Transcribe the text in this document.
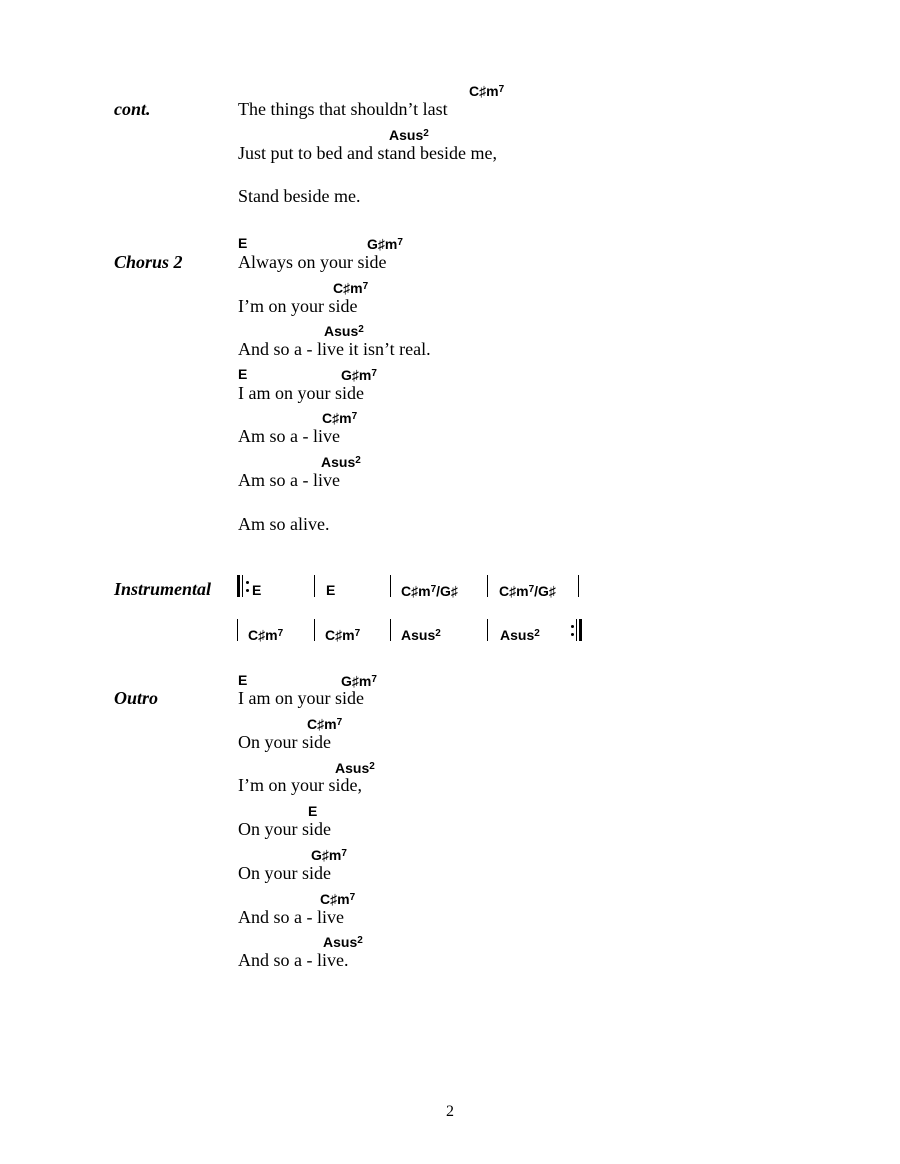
cont.
$C♯m^7$
The things that shouldn’t last
Asus$^2$
Just put to bed and stand beside me,
Stand beside me.
Chorus 2
E	$G♯m^7$
Always on your side
$C♯m^7$
I’m on your side
Asus$^2$
And so a - live it isn’t real.
E	$G♯m^7$
I am on your side
$C♯m^7$
Am so a - live
Asus$^2$
Am so a - live
Am so alive.
Instrumental	E	E	$C♯m^7/G♯$	$C♯m^7/G♯$
$C♯m^7$	$C♯m^7$	Asus$^2$	Asus$^2$
Outro
E	$G♯m^7$
I am on your side
$C♯m^7$
On your side
Asus$^2$
I’m on your side,
E
On your side
$G♯m^7$
On your side
$C♯m^7$
And so a - live
Asus$^2$
And so a - live.
2
